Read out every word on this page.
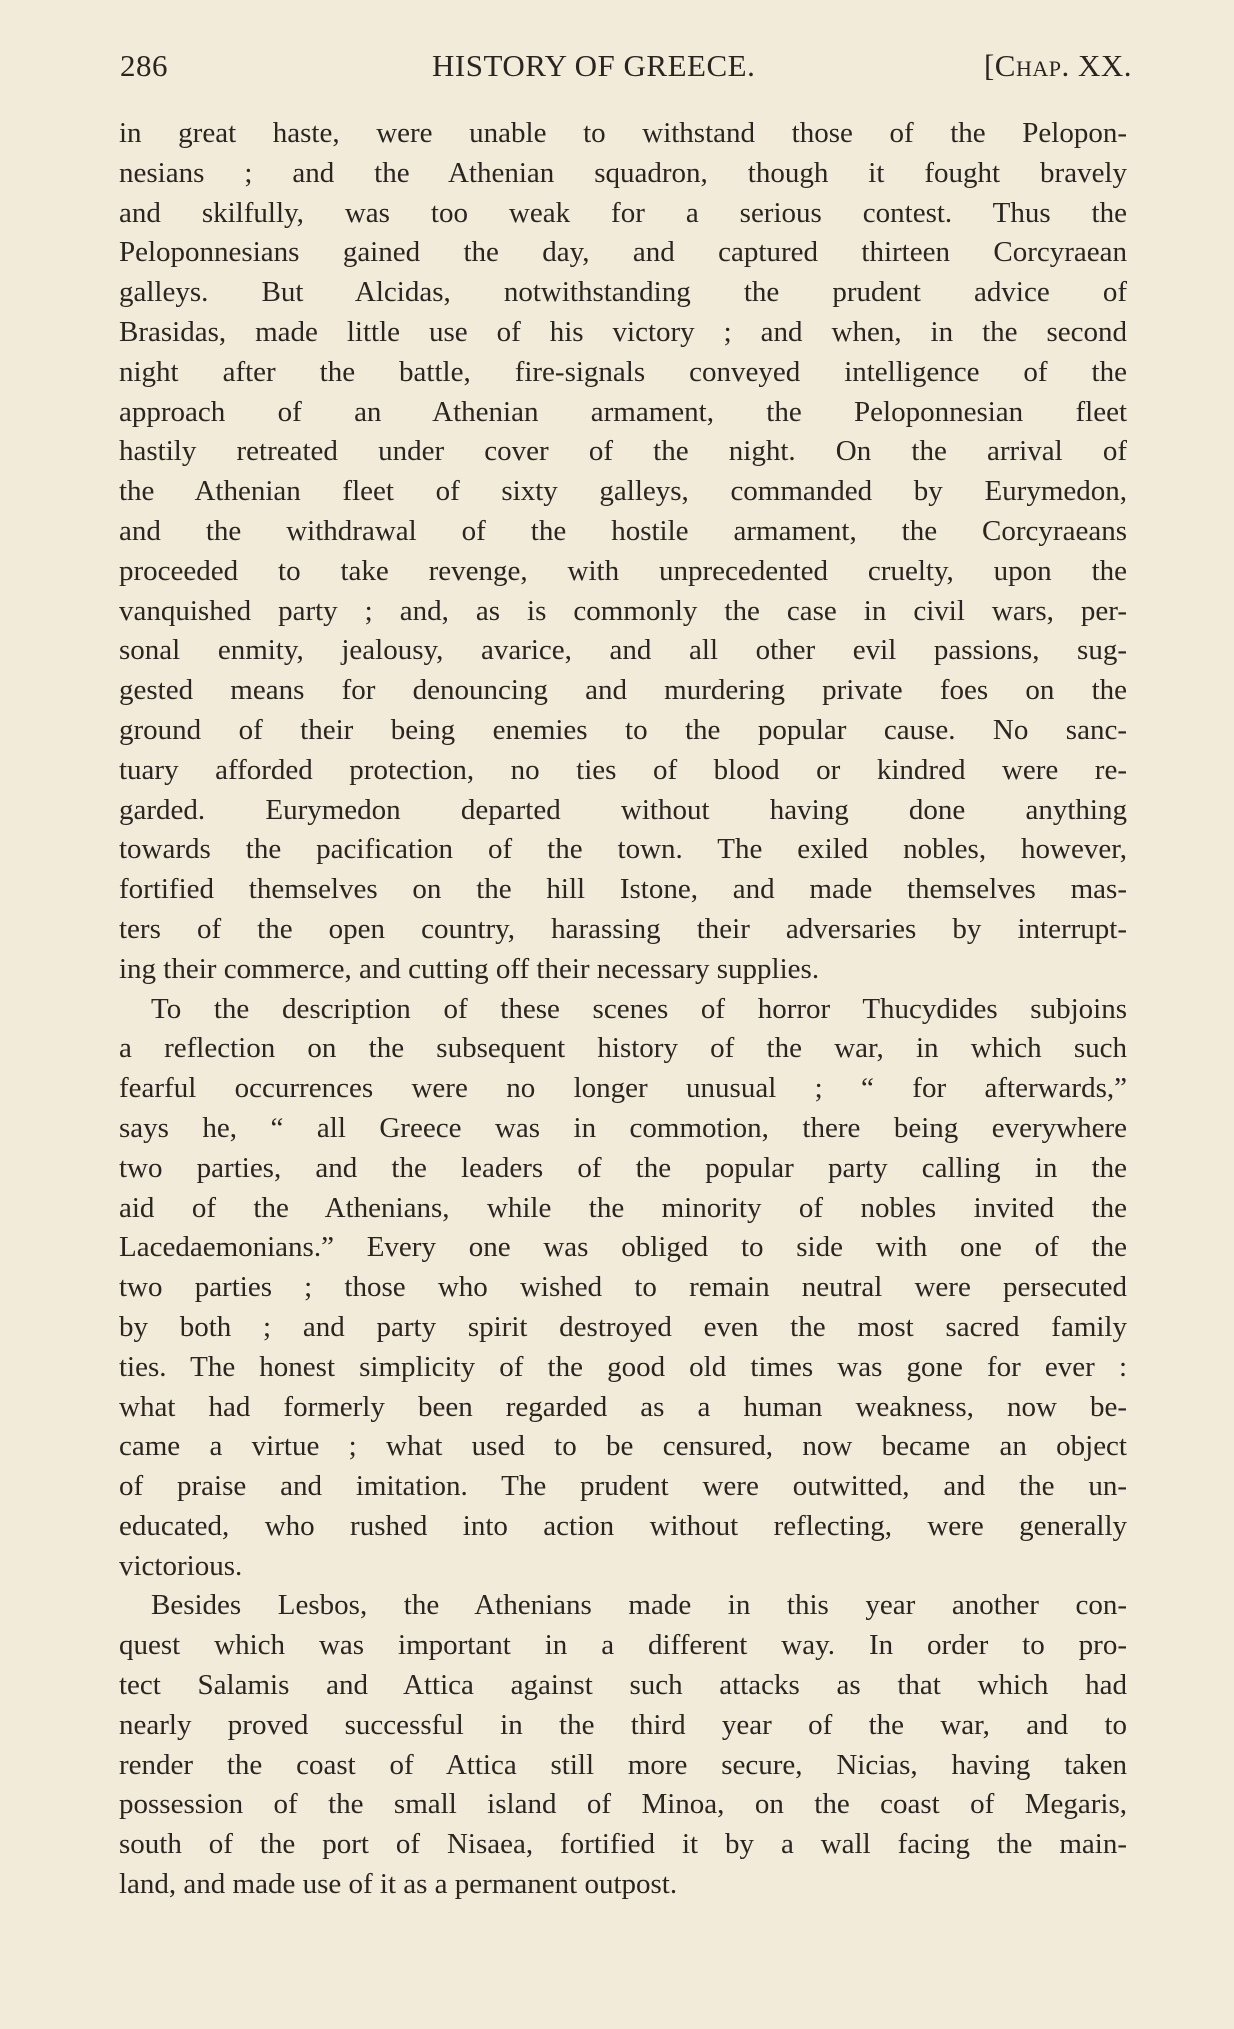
286	HISTORY OF GREECE.	[Chap. XX.
in great haste, were unable to withstand those of the Pelopon-
nesians ; and the Athenian squadron, though it fought bravely
and skilfully, was too weak for a serious contest. Thus the
Peloponnesians gained the day, and captured thirteen Corcyraean
galleys. But Alcidas, notwithstanding the prudent advice of
Brasidas, made little use of his victory ; and when, in the second
night after the battle, fire-signals conveyed intelligence of the
approach of an Athenian armament, the Peloponnesian fleet
hastily retreated under cover of the night. On the arrival of
the Athenian fleet of sixty galleys, commanded by Eurymedon,
and the withdrawal of the hostile armament, the Corcyraeans
proceeded to take revenge, with unprecedented cruelty, upon the
vanquished party ; and, as is commonly the case in civil wars, per-
sonal enmity, jealousy, avarice, and all other evil passions, sug-
gested means for denouncing and murdering private foes on the
ground of their being enemies to the popular cause. No sanc-
tuary afforded protection, no ties of blood or kindred were re-
garded. Eurymedon departed without having done anything
towards the pacification of the town. The exiled nobles, however,
fortified themselves on the hill Istone, and made themselves mas-
ters of the open country, harassing their adversaries by interrupt-
ing their commerce, and cutting off their necessary supplies.
To the description of these scenes of horror Thucydides subjoins
a reflection on the subsequent history of the war, in which such
fearful occurrences were no longer unusual ; “ for afterwards,”
says he, “ all Greece was in commotion, there being everywhere
two parties, and the leaders of the popular party calling in the
aid of the Athenians, while the minority of nobles invited the
Lacedaemonians.” Every one was obliged to side with one of the
two parties ; those who wished to remain neutral were persecuted
by both ; and party spirit destroyed even the most sacred family
ties. The honest simplicity of the good old times was gone for ever :
what had formerly been regarded as a human weakness, now be-
came a virtue ; what used to be censured, now became an object
of praise and imitation. The prudent were outwitted, and the un-
educated, who rushed into action without reflecting, were generally
victorious.
Besides Lesbos, the Athenians made in this year another con-
quest which was important in a different way. In order to pro-
tect Salamis and Attica against such attacks as that which had
nearly proved successful in the third year of the war, and to
render the coast of Attica still more secure, Nicias, having taken
possession of the small island of Minoa, on the coast of Megaris,
south of the port of Nisaea, fortified it by a wall facing the main-
land, and made use of it as a permanent outpost.
